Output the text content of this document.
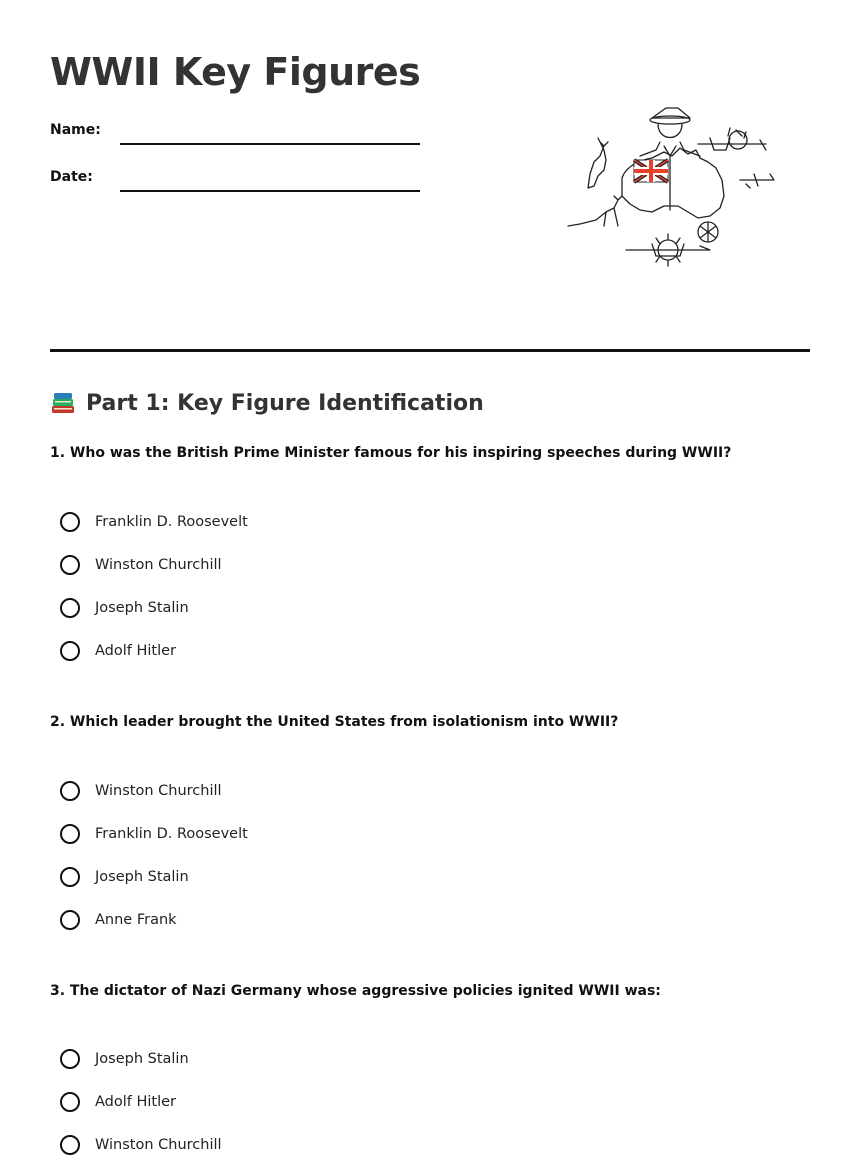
WWII Key Figures
Name:
Date:
Part 1: Key Figure Identification

1. Who was the British Prime Minister famous for his inspiring speeches during WWII?

Franklin D. Roosevelt
Winston Churchill
Joseph Stalin
Adolf Hitler

2. Which leader brought the United States from isolationism into WWII?

Winston Churchill
Franklin D. Roosevelt
Joseph Stalin
Anne Frank

3. The dictator of Nazi Germany whose aggressive policies ignited WWII was:

Joseph Stalin
Adolf Hitler
Winston Churchill
